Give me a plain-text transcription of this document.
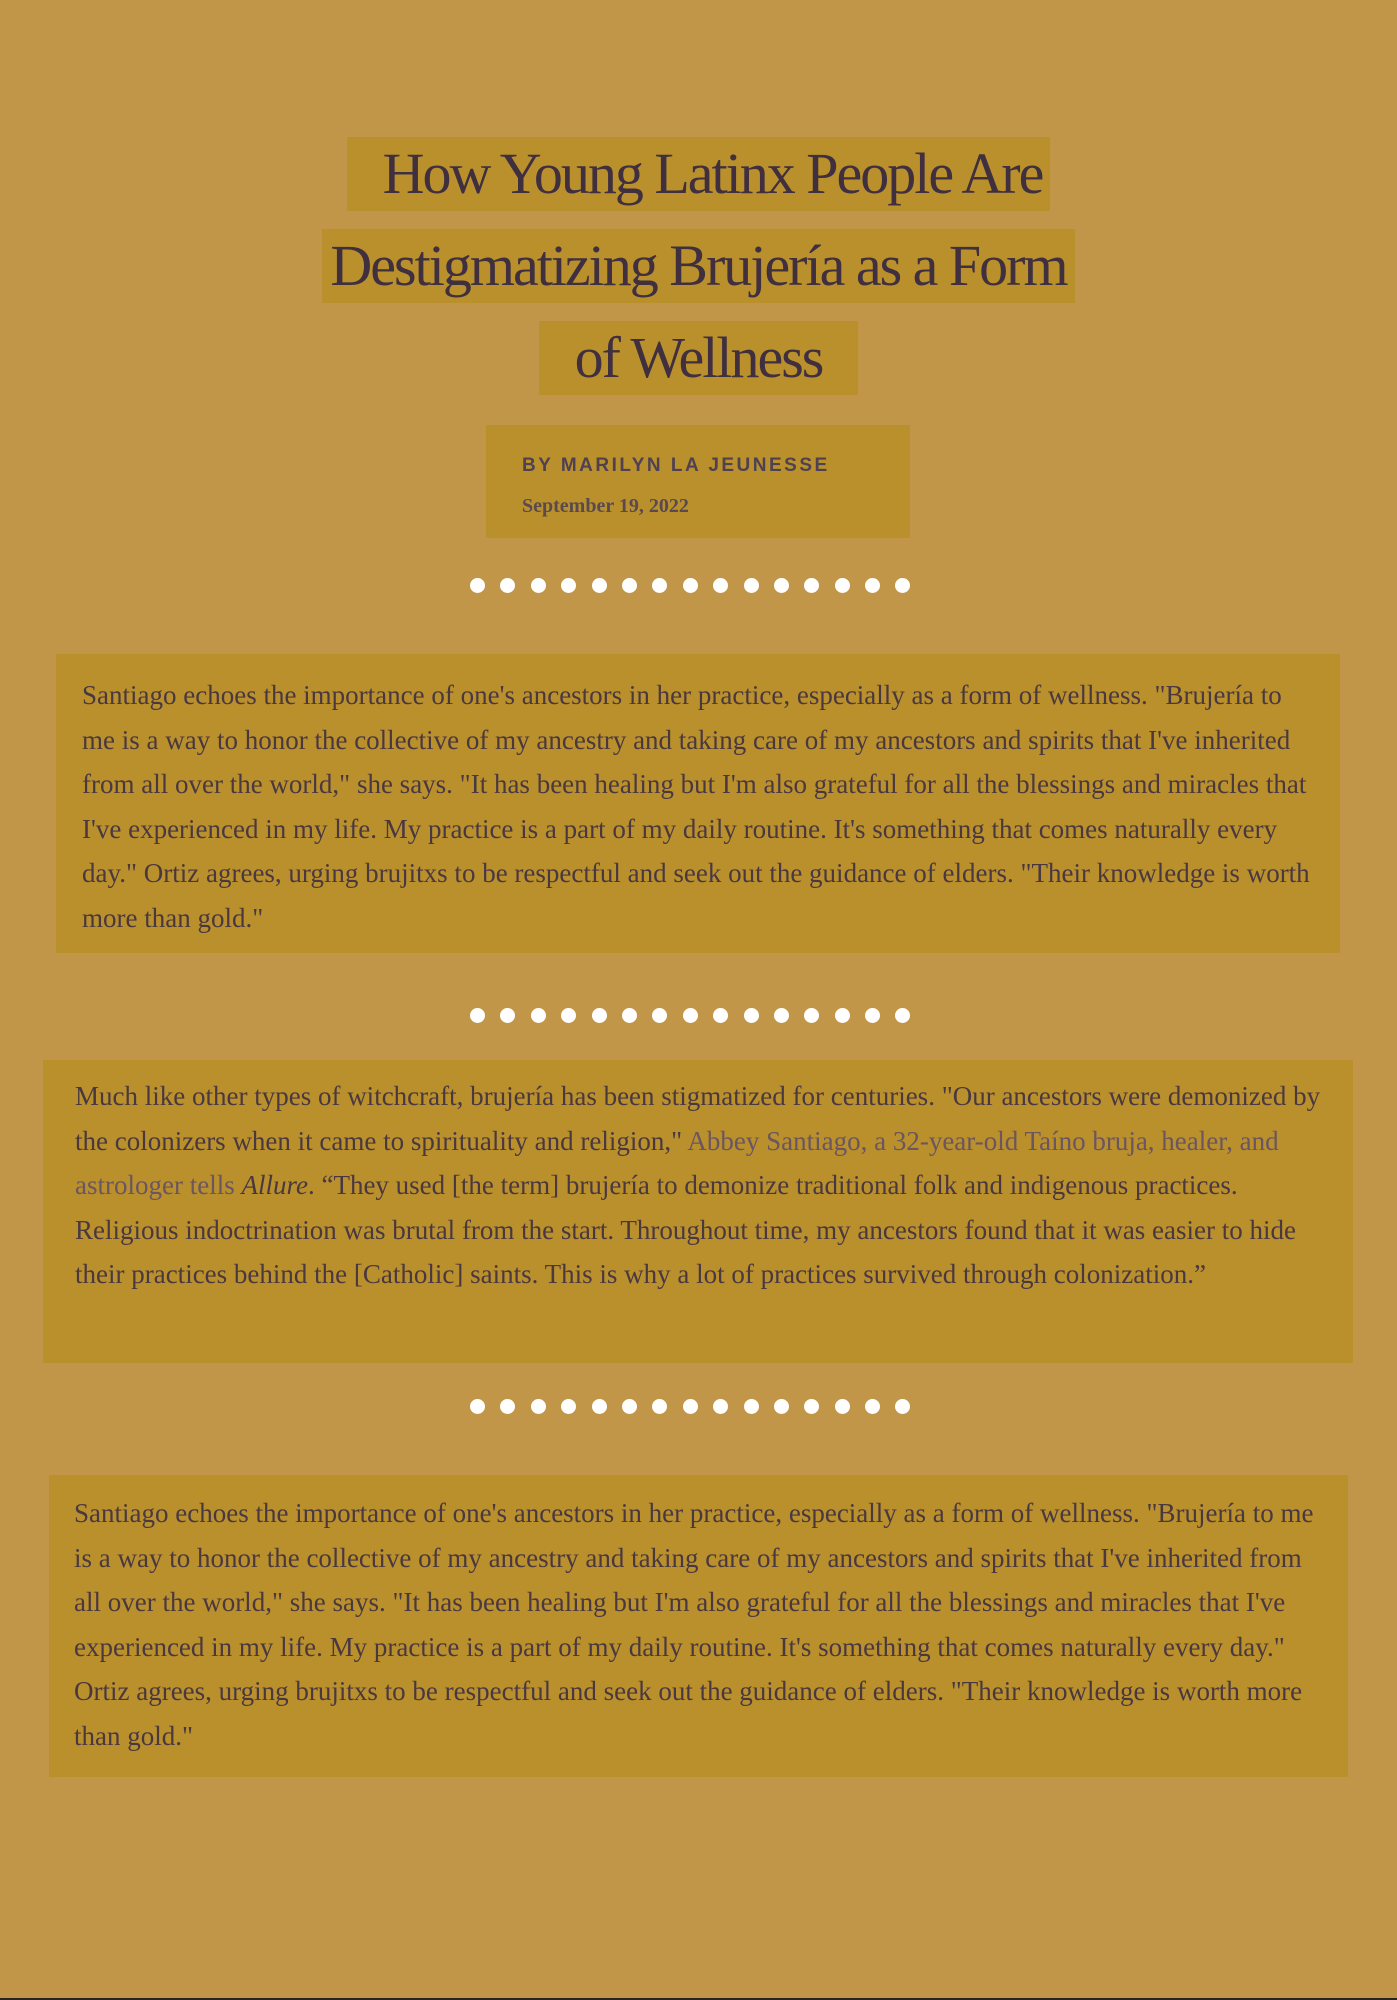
How Young Latinx People Are
Destigmatizing Brujería as a Form
of Wellness
BY MARILYN LA JEUNESSE
September 19, 2022
Santiago echoes the importance of one's ancestors in her practice, especially as a form of wellness. "Brujería to me is a way to honor the collective of my ancestry and taking care of my ancestors and spirits that I've inherited from all over the world," she says. "It has been healing but I'm also grateful for all the blessings and miracles that I've experienced in my life. My practice is a part of my daily routine. It's something that comes naturally every day." Ortiz agrees, urging brujitxs to be respectful and seek out the guidance of elders. "Their knowledge is worth more than gold."
Much like other types of witchcraft, brujería has been stigmatized for centuries. "Our ancestors were demonized by the colonizers when it came to spirituality and religion," Abbey Santiago, a 32-year-old Taíno bruja, healer, and astrologer tells Allure. “They used [the term] brujería to demonize traditional folk and indigenous practices. Religious indoctrination was brutal from the start. Throughout time, my ancestors found that it was easier to hide their practices behind the [Catholic] saints. This is why a lot of practices survived through colonization.”
Santiago echoes the importance of one's ancestors in her practice, especially as a form of wellness. "Brujería to me is a way to honor the collective of my ancestry and taking care of my ancestors and spirits that I've inherited from all over the world," she says. "It has been healing but I'm also grateful for all the blessings and miracles that I've experienced in my life. My practice is a part of my daily routine. It's something that comes naturally every day." Ortiz agrees, urging brujitxs to be respectful and seek out the guidance of elders. "Their knowledge is worth more than gold."
